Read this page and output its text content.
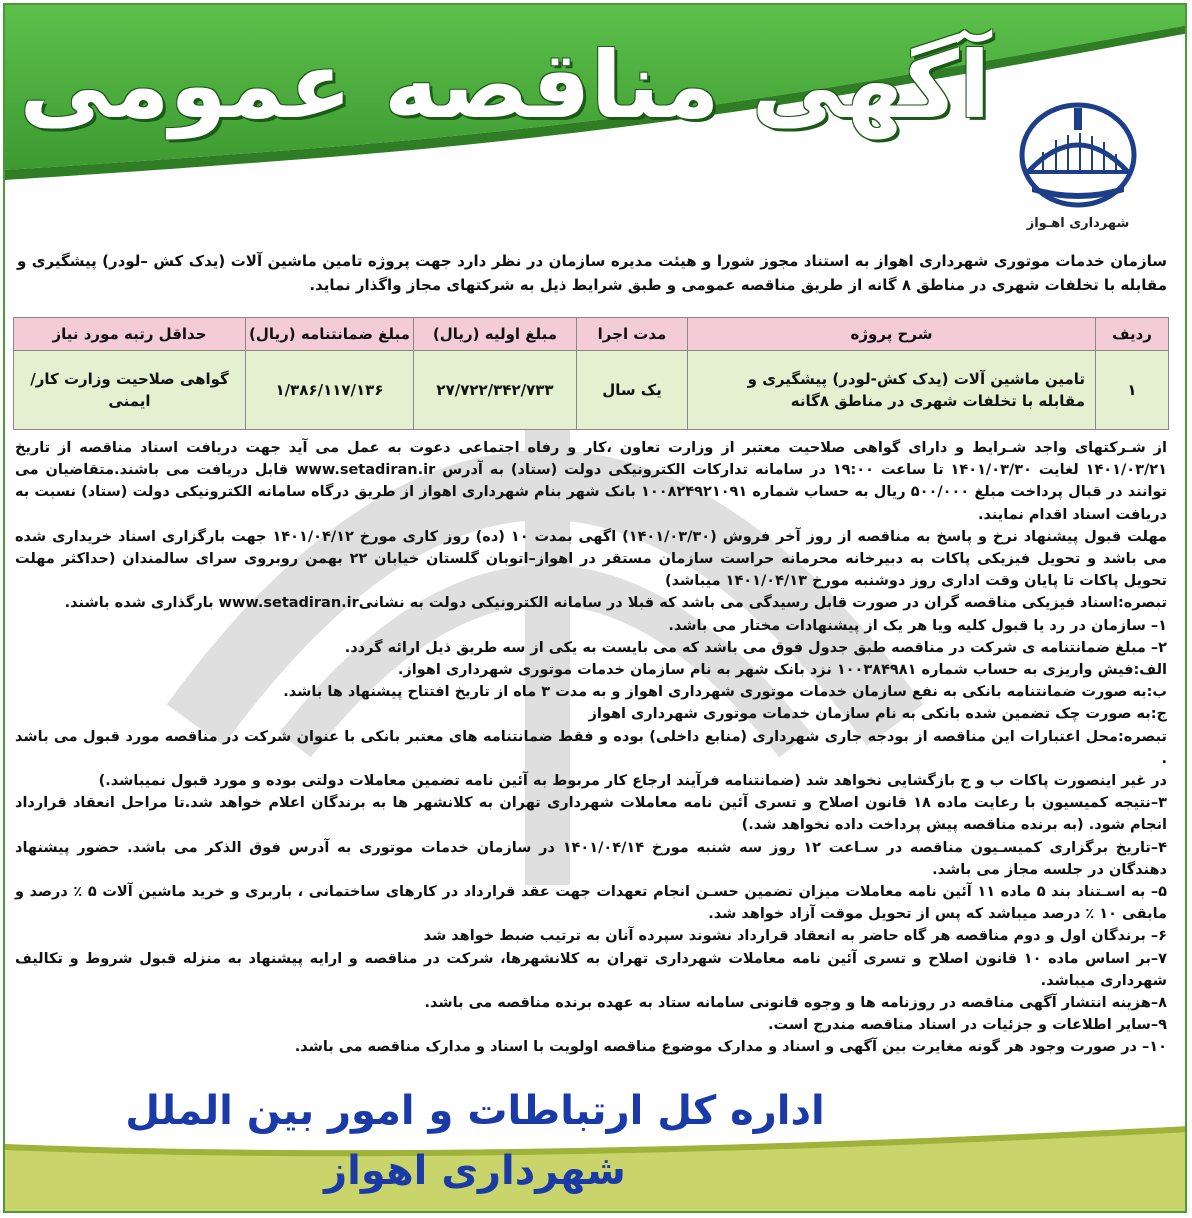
آگهی مناقصه عمومی
شهرداری اهـواز
سازمان خدمات موتوری شهرداری اهواز به استناد مجوز شورا و هیئت مدیره سازمان در نظر دارد جهت پروژه تامین ماشین آلات (یدک کش –لودر) پیشگیری و مقابله با تخلفات شهری در مناطق ۸ گانه از طریق مناقصه عمومی و طبق شرایط ذیل به شرکتهای مجاز واگذار نماید.
ردیف	شرح پروژه	مدت اجرا	مبلغ اولیه (ریال)	مبلغ ضمانتنامه (ریال)	حداقل رتبه مورد نیاز
۱	تامین ماشین آلات (یدک کش-لودر) پیشگیری و مقابله با تخلفات شهری در مناطق ۸گانه	یک سال	۲۷/۷۲۲/۳۴۲/۷۳۳	۱/۳۸۶/۱۱۷/۱۳۶	گواهی صلاحیت وزارت کار/ایمنی

از شـرکتهای واجد شـرایط و دارای گواهی صلاحیت معتبر از وزارت تعاون ،کار و رفاه اجتماعی دعوت به عمل می آید جهت دریافت اسناد مناقصه از تاریخ ۱۴۰۱/۰۳/۲۱ لغایت ۱۴۰۱/۰۳/۳۰ تا ساعت ۱۹:۰۰ در سامانه تدارکات الکترونیکی دولت (ستاد) به آدرس www.setadiran.ir قابل دریافت می باشند.متقاضیان می توانند در قبال پرداخت مبلغ ۵۰۰/۰۰۰ ریال به حساب شماره ۱۰۰۸۲۴۹۲۱۰۹۱ بانک شهر بنام شهرداری اهواز از طریق درگاه سامانه الکترونیکی دولت (ستاد) نسبت به دریافت اسناد اقدام نمایند.

مهلت قبول پیشنهاد نرخ و پاسخ به مناقصه از روز آخر فروش (۱۴۰۱/۰۳/۳۰) اگهی بمدت ۱۰ (ده) روز کاری مورخ ۱۴۰۱/۰۴/۱۲ جهت بارگزاری اسناد خریداری شده می باشد و تحویل فیزیکی پاکات به دبیرخانه محرمانه حراست سازمان مستقر در اهواز–اتوبان گلستان خیابان ۲۲ بهمن روبروی سرای سالمندان (حداکثر مهلت تحویل پاکات تا پایان وقت اداری روز دوشنبه مورخ ۱۴۰۱/۰۴/۱۳ میباشد)

تبصره:اسناد فیزیکی مناقصه گران در صورت قابل رسیدگی می باشد که قبلا در سامانه الکترونیکی دولت به نشانیwww.setadiran.ir بارگذاری شده باشند.

۱– سازمان در رد یا قبول کلیه ویا هر یک از پیشنهادات مختار می باشد.

۲– مبلغ ضمانتنامه ی شرکت در مناقصه طبق جدول فوق می باشد که می بایست به یکی از سه طریق ذیل ارائه گردد.

الف:فیش واریزی به حساب شماره ۱۰۰۳۸۴۹۸۱ نزد بانک شهر به نام سازمان خدمات موتوری شهرداری اهواز.

ب:به صورت ضمانتنامه بانکی به نفع سازمان خدمات موتوری شهرداری اهواز و به مدت ۳ ماه از تاریخ افتتاح پیشنهاد ها باشد.

ج:به صورت چک تضمین شده بانکی به نام سازمان خدمات موتوری شهرداری اهواز

تبصره:محل اعتبارات این مناقصه از بودجه جاری شهرداری (منابع داخلی) بوده و فقط ضمانتنامه های معتبر بانکی با عنوان شرکت در مناقصه مورد قبول می باشد .

در غیر اینصورت پاکات ب و ج بازگشایی نخواهد شد (ضمانتنامه فرآیند ارجاع کار مربوط به آئین نامه تضمین معاملات دولتی بوده و مورد قبول نمیباشد.)

۳–نتیجه کمیسیون با رعایت ماده ۱۸ قانون اصلاح و تسری آئین نامه معاملات شهرداری تهران به کلانشهر ها به برندگان اعلام خواهد شد.تا مراحل انعقاد قرارداد انجام شود. (به برنده مناقصه پیش پرداخت داده نخواهد شد.)

۴–تاریخ برگزاری کمیسـیون مناقصه در سـاعت ۱۲ روز سه شنبه مورخ ۱۴۰۱/۰۴/۱۴ در سازمان خدمات موتوری به آدرس فوق الذکر می باشد. حضور پیشنهاد دهندگان در جلسه مجاز می باشد.

۵– به اسـتناد بند ۵ ماده ۱۱ آئین نامه معاملات میزان تضمین حسـن انجام تعهدات جهت عقد قرارداد در کارهای ساختمانی ، باربری و خرید ماشین آلات ۵ ٪ درصد و مابقی ۱۰ ٪ درصد میباشد که پس از تحویل موقت آزاد خواهد شد.

۶– برندگان اول و دوم مناقصه هر گاه حاضر به انعقاد قرارداد نشوند سپرده آنان به ترتیب ضبط خواهد شد

۷–بر اساس ماده ۱۰ قانون اصلاح و تسری آئین نامه معاملات شهرداری تهران به کلانشهرها، شرکت در مناقصه و ارایه پیشنهاد به منزله قبول شروط و تکالیف شهرداری میباشد.

۸–هزینه انتشار آگهی مناقصه در روزنامه ها و وجوه قانونی سامانه ستاد به عهده برنده مناقصه می باشد.

۹–سایر اطلاعات و جزئیات در اسناد مناقصه مندرج است.

۱۰– در صورت وجود هر گونه مغایرت بین آگهی و اسناد و مدارک موضوع مناقصه اولویت با اسناد و مدارک مناقصه می باشد.

اداره کل ارتباطات و امور بین الملل شهرداری اهواز
